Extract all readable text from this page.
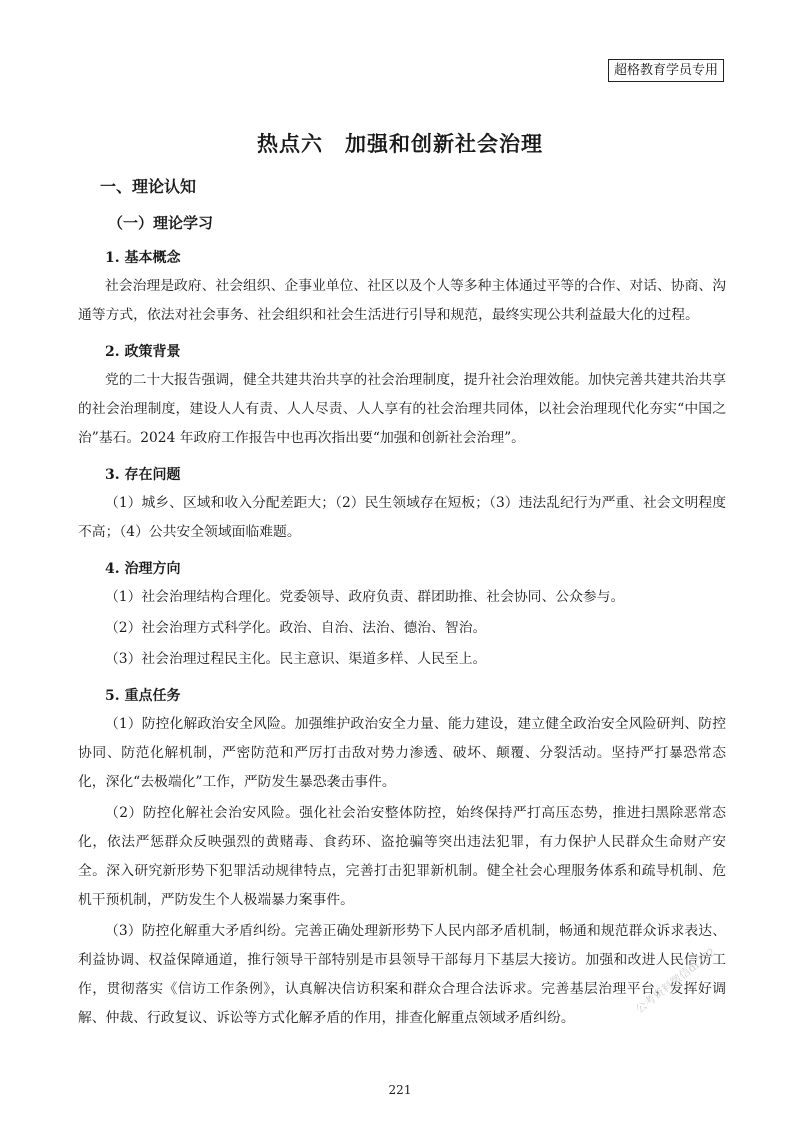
超格教育学员专用
热点六　加强和创新社会治理
一、理论认知
（一）理论学习
1. 基本概念

社会治理是政府、社会组织、企事业单位、社区以及个人等多种主体通过平等的合作、对话、协商、沟通等方式，依法对社会事务、社会组织和社会生活进行引导和规范，最终实现公共利益最大化的过程。

2. 政策背景

党的二十大报告强调，健全共建共治共享的社会治理制度，提升社会治理效能。加快完善共建共治共享的社会治理制度，建设人人有责、人人尽责、人人享有的社会治理共同体，以社会治理现代化夯实“中国之治”基石。2024 年政府工作报告中也再次指出要“加强和创新社会治理”。

3. 存在问题

（1）城乡、区域和收入分配差距大；（2）民生领域存在短板；（3）违法乱纪行为严重、社会文明程度不高；（4）公共安全领域面临难题。

4. 治理方向

（1）社会治理结构合理化。党委领导、政府负责、群团助推、社会协同、公众参与。

（2）社会治理方式科学化。政治、自治、法治、德治、智治。

（3）社会治理过程民主化。民主意识、渠道多样、人民至上。

5. 重点任务

（1）防控化解政治安全风险。加强维护政治安全力量、能力建设，建立健全政治安全风险研判、防控协同、防范化解机制，严密防范和严厉打击敌对势力渗透、破坏、颠覆、分裂活动。坚持严打暴恐常态化，深化“去极端化”工作，严防发生暴恐袭击事件。

（2）防控化解社会治安风险。强化社会治安整体防控，始终保持严打高压态势，推进扫黑除恶常态化，依法严惩群众反映强烈的黄赌毒、食药环、盗抢骗等突出违法犯罪，有力保护人民群众生命财产安全。深入研究新形势下犯罪活动规律特点，完善打击犯罪新机制。健全社会心理服务体系和疏导机制、危机干预机制，严防发生个人极端暴力案事件。

（3）防控化解重大矛盾纠纷。完善正确处理新形势下人民内部矛盾机制，畅通和规范群众诉求表达、利益协调、权益保障通道，推行领导干部特别是市县领导干部每月下基层大接访。加强和改进人民信访工作，贯彻落实《信访工作条例》，认真解决信访积案和群众合理合法诉求。完善基层治理平台，发挥好调解、仲裁、行政复议、诉讼等方式化解矛盾的作用，排查化解重点领域矛盾纠纷。

公考资料微信di252
221
